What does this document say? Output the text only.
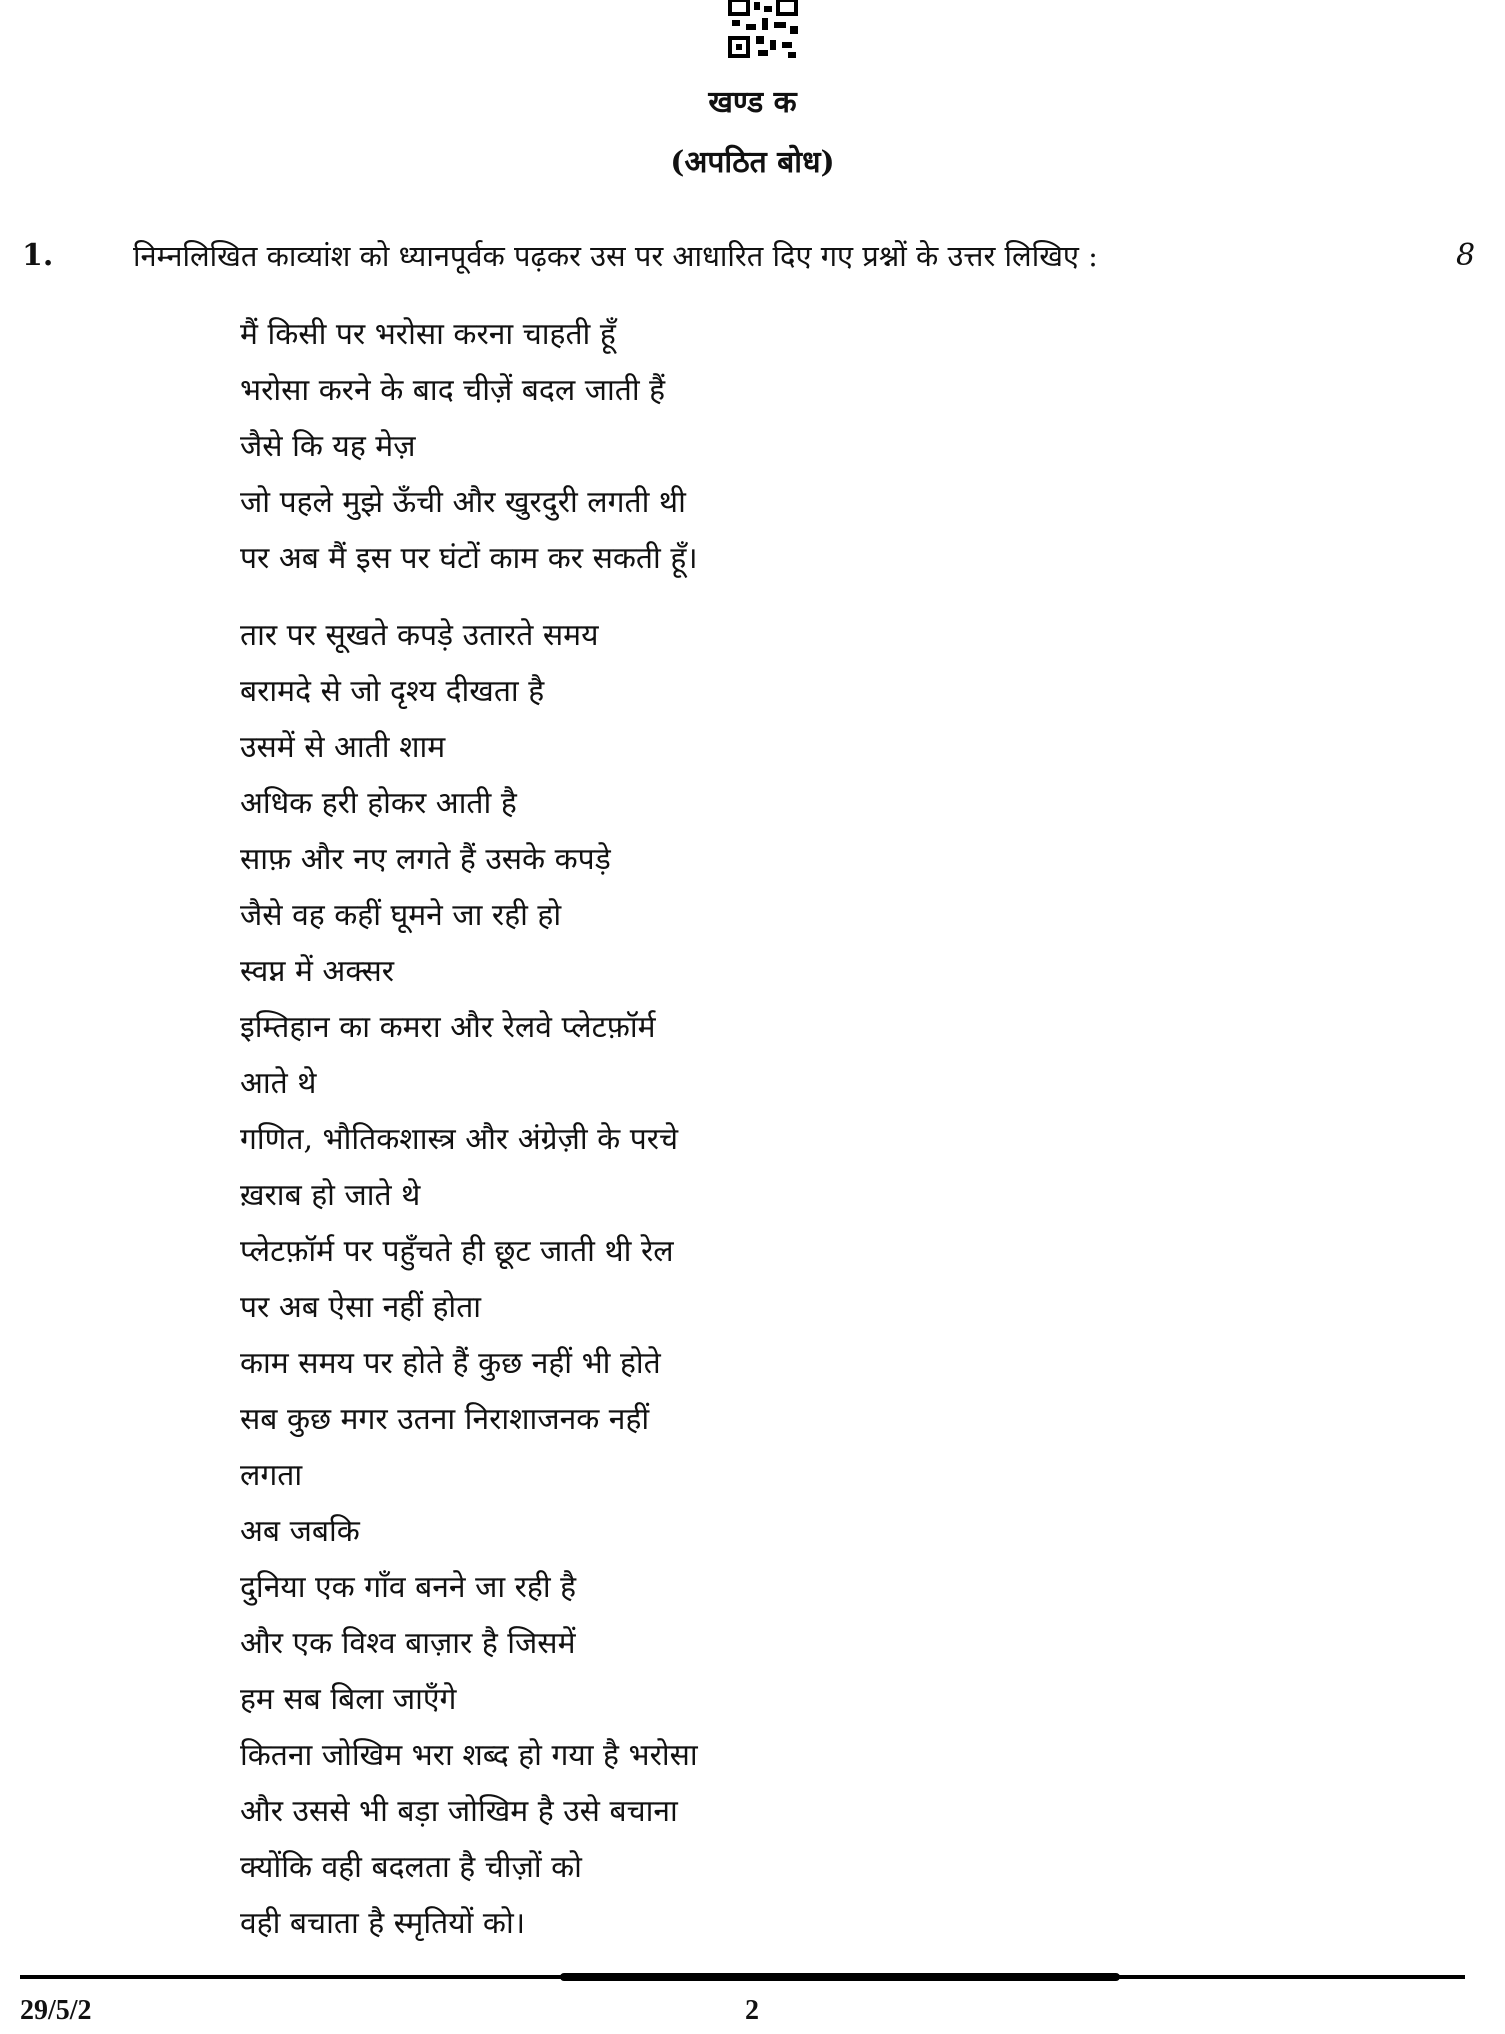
खण्ड क
(अपठित बोध)
1.	निम्नलिखित काव्यांश को ध्यानपूर्वक पढ़कर उस पर आधारित दिए गए प्रश्नों के उत्तर लिखिए :	8
मैं किसी पर भरोसा करना चाहती हूँ
भरोसा करने के बाद चीज़ें बदल जाती हैं
जैसे कि यह मेज़
जो पहले मुझे ऊँची और खुरदुरी लगती थी
पर अब मैं इस पर घंटों काम कर सकती हूँ।
तार पर सूखते कपड़े उतारते समय
बरामदे से जो दृश्य दीखता है
उसमें से आती शाम
अधिक हरी होकर आती है
साफ़ और नए लगते हैं उसके कपड़े
जैसे वह कहीं घूमने जा रही हो
स्वप्न में अक्सर
इम्तिहान का कमरा और रेलवे प्लेटफ़ॉर्म
आते थे
गणित, भौतिकशास्त्र और अंग्रेज़ी के परचे
ख़राब हो जाते थे
प्लेटफ़ॉर्म पर पहुँचते ही छूट जाती थी रेल
पर अब ऐसा नहीं होता
काम समय पर होते हैं कुछ नहीं भी होते
सब कुछ मगर उतना निराशाजनक नहीं
लगता
अब जबकि
दुनिया एक गाँव बनने जा रही है
और एक विश्व बाज़ार है जिसमें
हम सब बिला जाएँगे
कितना जोखिम भरा शब्द हो गया है भरोसा
और उससे भी बड़ा जोखिम है उसे बचाना
क्योंकि वही बदलता है चीज़ों को
वही बचाता है स्मृतियों को।
29/5/2	2
